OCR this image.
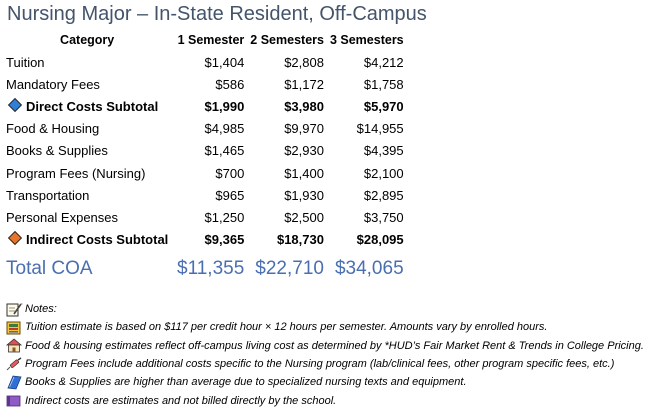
Nursing Major – In-State Resident, Off-Campus
Category	1 Semester	2 Semesters	3 Semesters
Tuition	$1,404	$2,808	$4,212
Mandatory Fees	$586	$1,172	$1,758
Direct Costs Subtotal	$1,990	$3,980	$5,970
Food & Housing	$4,985	$9,970	$14,955
Books & Supplies	$1,465	$2,930	$4,395
Program Fees (Nursing)	$700	$1,400	$2,100
Transportation	$965	$1,930	$2,895
Personal Expenses	$1,250	$2,500	$3,750
Indirect Costs Subtotal	$9,365	$18,730	$28,095
Total COA	$11,355	$22,710	$34,065
Notes:
Tuition estimate is based on $117 per credit hour × 12 hours per semester. Amounts vary by enrolled hours.
Food & housing estimates reflect off-campus living cost as determined by *HUD’s Fair Market Rent & Trends in College Pricing.
Program Fees include additional costs specific to the Nursing program (lab/clinical fees, other program specific fees, etc.)
Books & Supplies are higher than average due to specialized nursing texts and equipment.
Indirect costs are estimates and not billed directly by the school.
